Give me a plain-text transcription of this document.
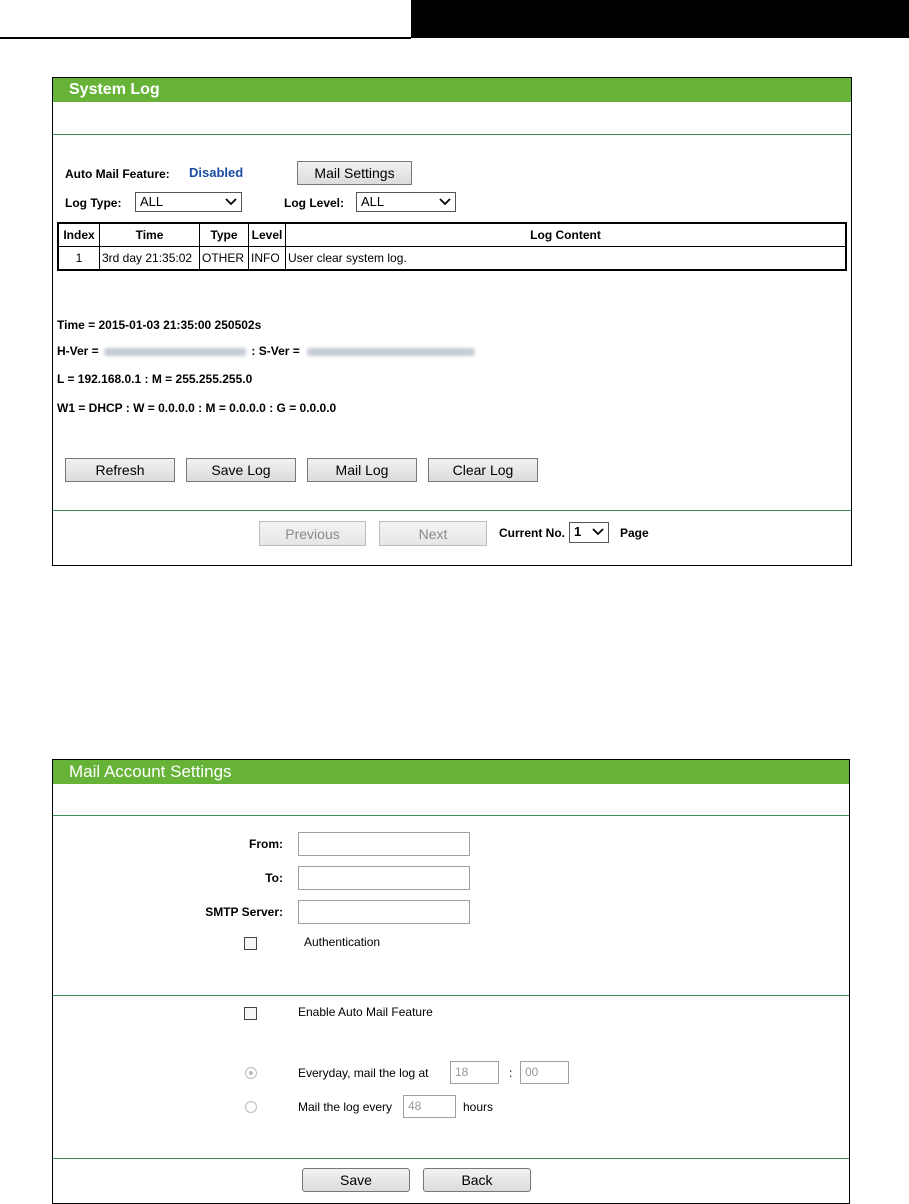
System Log
Auto Mail Feature: Disabled	Mail Settings
Log Type:	ALL	Log Level:	ALL
Index	Time	Type	Level	Log Content
1	3rd day 21:35:02	OTHER	INFO	User clear system log.
Time = 2015-01-03 21:35:00 250502s
H-Ver =	: S-Ver =
L = 192.168.0.1 : M = 255.255.255.0
W1 = DHCP : W = 0.0.0.0 : M = 0.0.0.0 : G = 0.0.0.0
Refresh	Save Log	Mail Log	Clear Log
Previous	Next	Current No. 1	Page
Mail Account Settings
From:
To:
SMTP Server:
Authentication
Enable Auto Mail Feature
Everyday, mail the log at	18	:	00
Mail the log every	48	hours
Save	Back
